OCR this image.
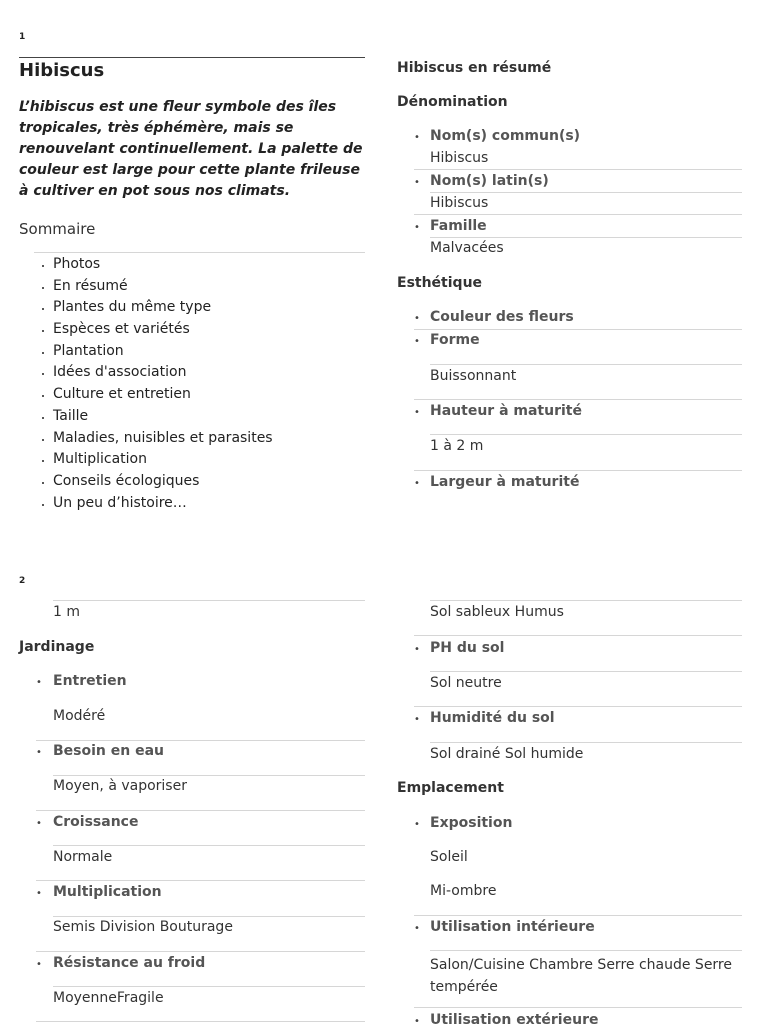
1
Hibiscus
L’hibiscus est une fleur symbole des îles tropicales, très éphémère, mais se renouvelant continuellement. La palette de couleur est large pour cette plante frileuse à cultiver en pot sous nos climats.
Sommaire
• Photos
• En résumé
• Plantes du même type
• Espèces et variétés
• Plantation
• Idées d'association
• Culture et entretien
• Taille
• Maladies, nuisibles et parasites
• Multiplication
• Conseils écologiques
• Un peu d’histoire…
Hibiscus en résumé
Dénomination
• Nom(s) commun(s)
Hibiscus
• Nom(s) latin(s)
Hibiscus
• Famille
Malvacées
Esthétique
• Couleur des fleurs
• Forme
Buissonnant
• Hauteur à maturité
1 à 2 m
• Largeur à maturité
2
1 m
Jardinage
• Entretien
Modéré
• Besoin en eau
Moyen, à vaporiser
• Croissance
Normale
• Multiplication
Semis Division Bouturage
• Résistance au froid
MoyenneFragile
Sol sableux Humus
• PH du sol
Sol neutre
• Humidité du sol
Sol drainé Sol humide
Emplacement
• Exposition
Soleil
Mi-ombre
• Utilisation intérieure
Salon/Cuisine Chambre Serre chaude Serre tempérée
• Utilisation extérieure
